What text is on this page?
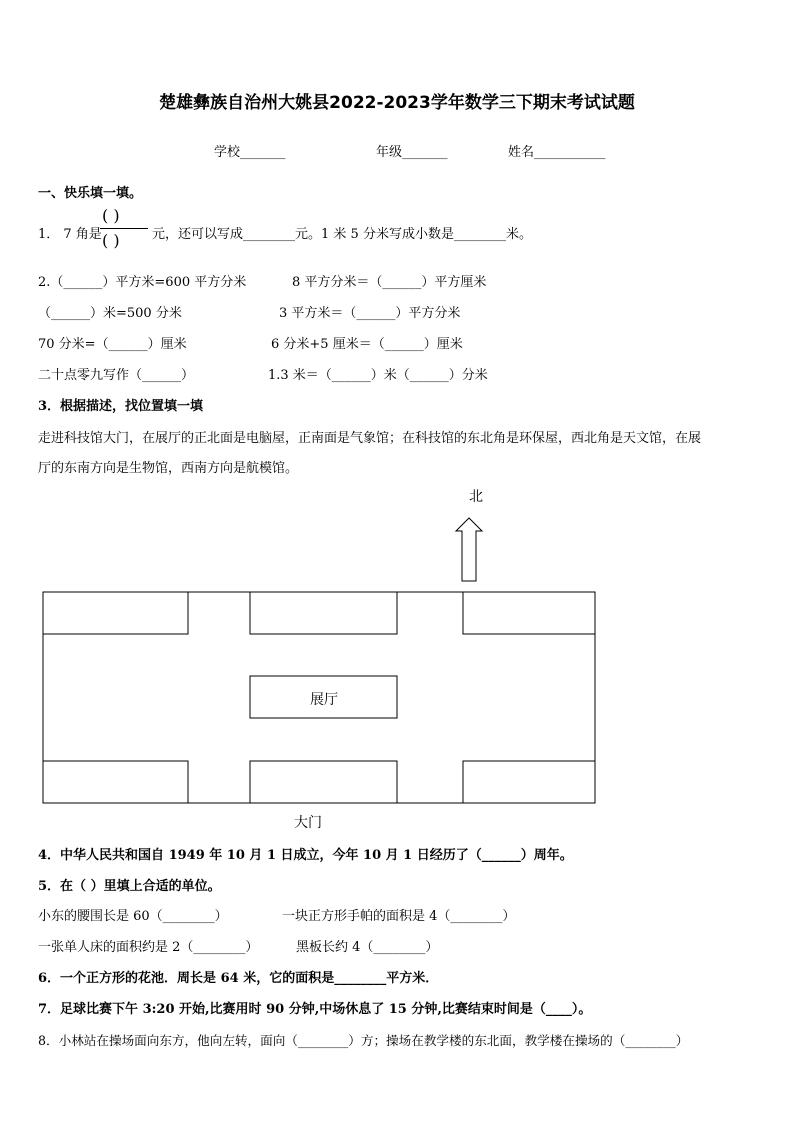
楚雄彝族自治州大姚县2022-2023学年数学三下期末考试试题
学校_______	年级_______	姓名___________
一、快乐填一填。
1． 7 角是
( )
( ) 元，还可以写成________元。1 米 5 分米写成小数是________米。
2.（______）平方米=600 平方分米	8 平方分米＝（______）平方厘米
（______）米=500 分米	3 平方米＝（______）平方分米
70 分米=（______）厘米	6 分米+5 厘米＝（______）厘米
二十点零九写作（______）	1.3 米＝（______）米（______）分米
3．根据描述，找位置填一填
走进科技馆大门，在展厅的正北面是电脑屋，正南面是气象馆；在科技馆的东北角是环保屋，西北角是天文馆，在展
厅的东南方向是生物馆，西南方向是航模馆。
北
展厅
大门
4．中华人民共和国自 1949 年 10 月 1 日成立，今年 10 月 1 日经历了（______）周年。
5．在（ ）里填上合适的单位。
小东的腰围长是 60（________）	一块正方形手帕的面积是 4（________）
一张单人床的面积约是 2（________）	黑板长约 4（________）
6．一个正方形的花池．周长是 64 米，它的面积是________平方米．
7．足球比赛下午 3:20 开始,比赛用时 90 分钟,中场休息了 15 分钟,比赛结束时间是（____）。
8．小林站在操场面向东方，他向左转，面向（________）方；操场在教学楼的东北面，教学楼在操场的（________）
